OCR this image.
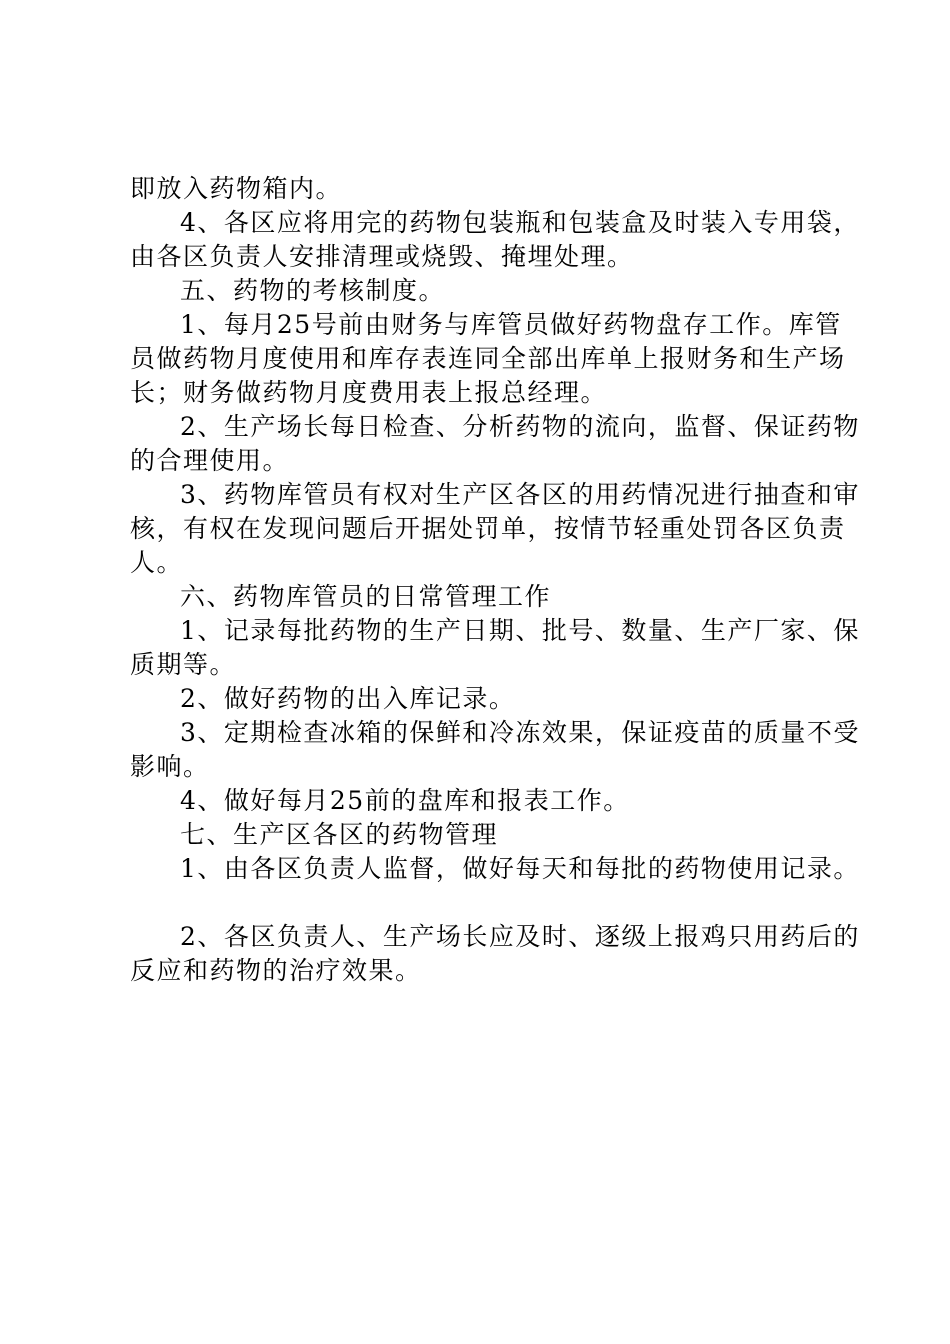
即放入药物箱内。
4、各区应将用完的药物包装瓶和包装盒及时装入专用袋，
由各区负责人安排清理或烧毁、掩埋处理。
五、药物的考核制度。
1、每月25号前由财务与库管员做好药物盘存工作。库管
员做药物月度使用和库存表连同全部出库单上报财务和生产场
长；财务做药物月度费用表上报总经理。
2、生产场长每日检查、分析药物的流向，监督、保证药物
的合理使用。
3、药物库管员有权对生产区各区的用药情况进行抽查和审
核，有权在发现问题后开据处罚单，按情节轻重处罚各区负责
人。
六、药物库管员的日常管理工作
1、记录每批药物的生产日期、批号、数量、生产厂家、保
质期等。
2、做好药物的出入库记录。
3、定期检查冰箱的保鲜和冷冻效果，保证疫苗的质量不受
影响。
4、做好每月25前的盘库和报表工作。
七、生产区各区的药物管理
1、由各区负责人监督，做好每天和每批的药物使用记录。
2、各区负责人、生产场长应及时、逐级上报鸡只用药后的
反应和药物的治疗效果。
